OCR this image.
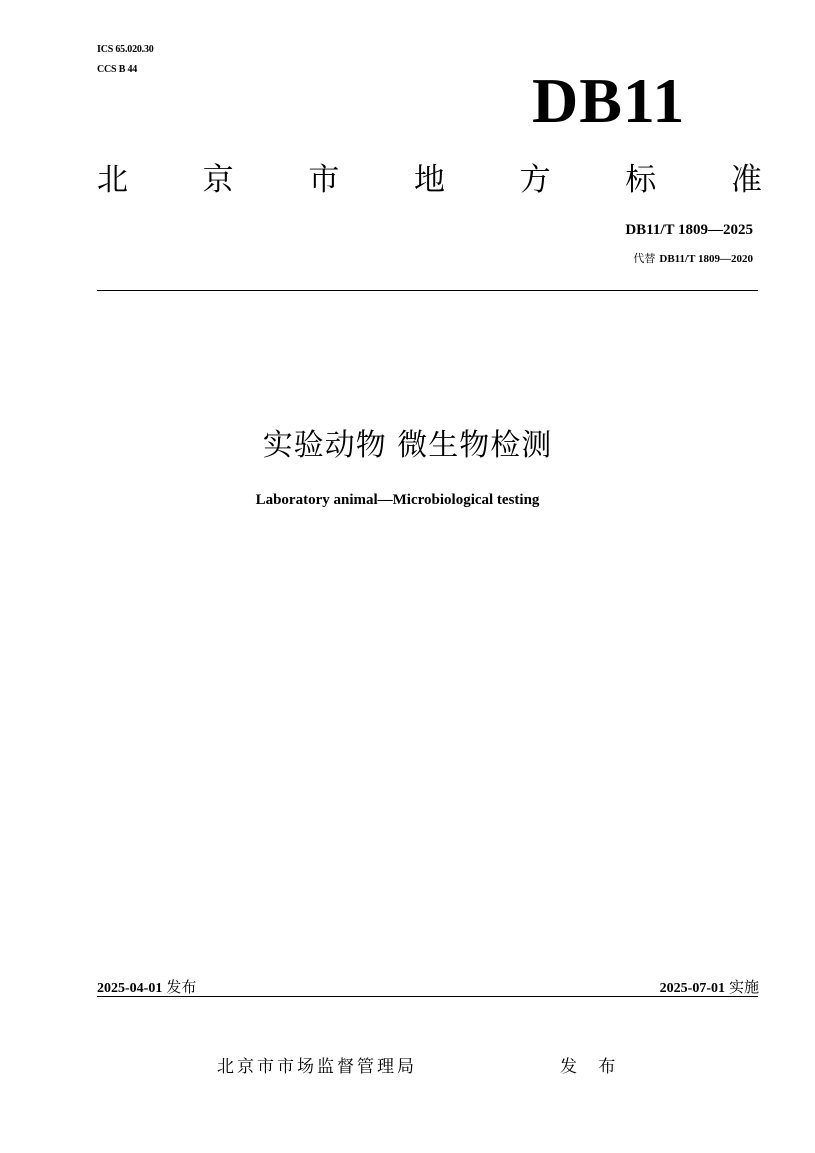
ICS 65.020.30
CCS B 44	DB11
北 京 市 地 方 标 准
DB11/T 1809—2025
代替 DB11/T 1809—2020
实验动物 微生物检测
Laboratory animal—Microbiological testing
2025-04-01 发布	2025-07-01 实施
北京市市场监督管理局	发 布
